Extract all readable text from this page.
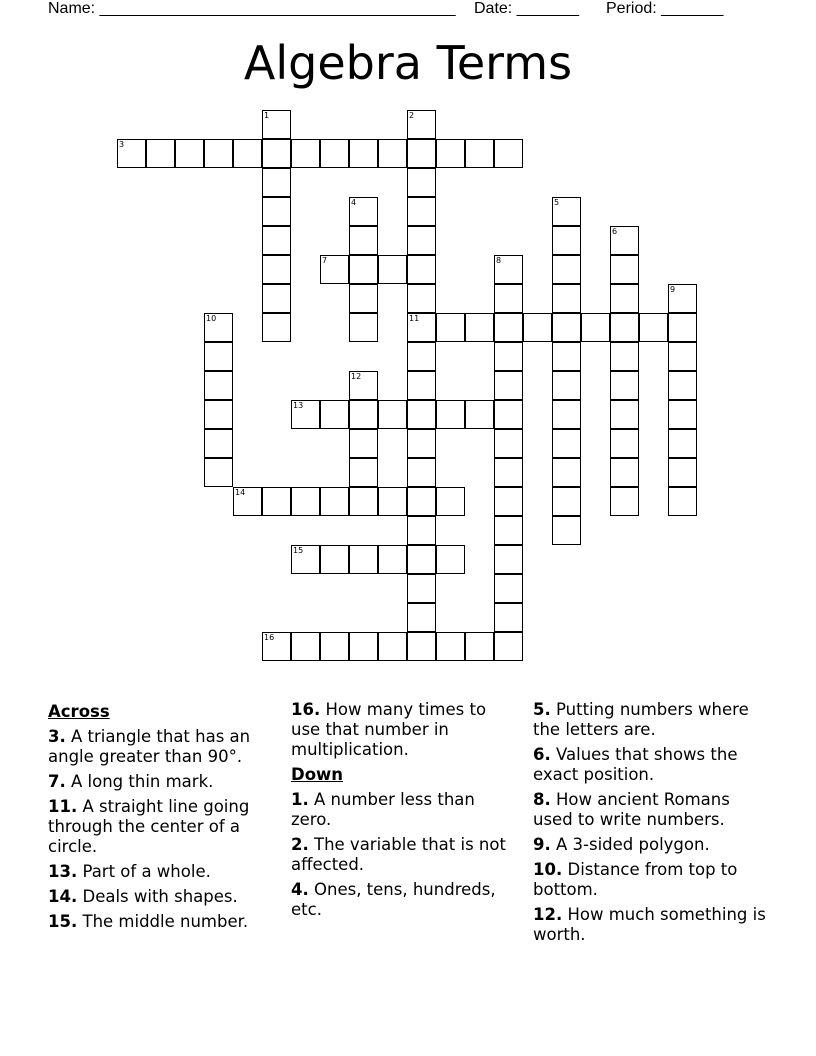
Name: ________________________________________ Date: _______ Period: _______
Algebra Terms
1	2
11
3
4	5
6
7	8
9
10
12
13
14
15
16
Across
3. A triangle that has an angle greater than 90°.
7. A long thin mark.
11. A straight line going through the center of a circle.
13. Part of a whole.
14. Deals with shapes.
15. The middle number.
16. How many times to use that number in multiplication.
Down
1. A number less than zero.
2. The variable that is not affected.
4. Ones, tens, hundreds, etc.
5. Putting numbers where the letters are.
6. Values that shows the exact position.
8. How ancient Romans used to write numbers.
9. A 3-sided polygon.
10. Distance from top to bottom.
12. How much something is worth.
